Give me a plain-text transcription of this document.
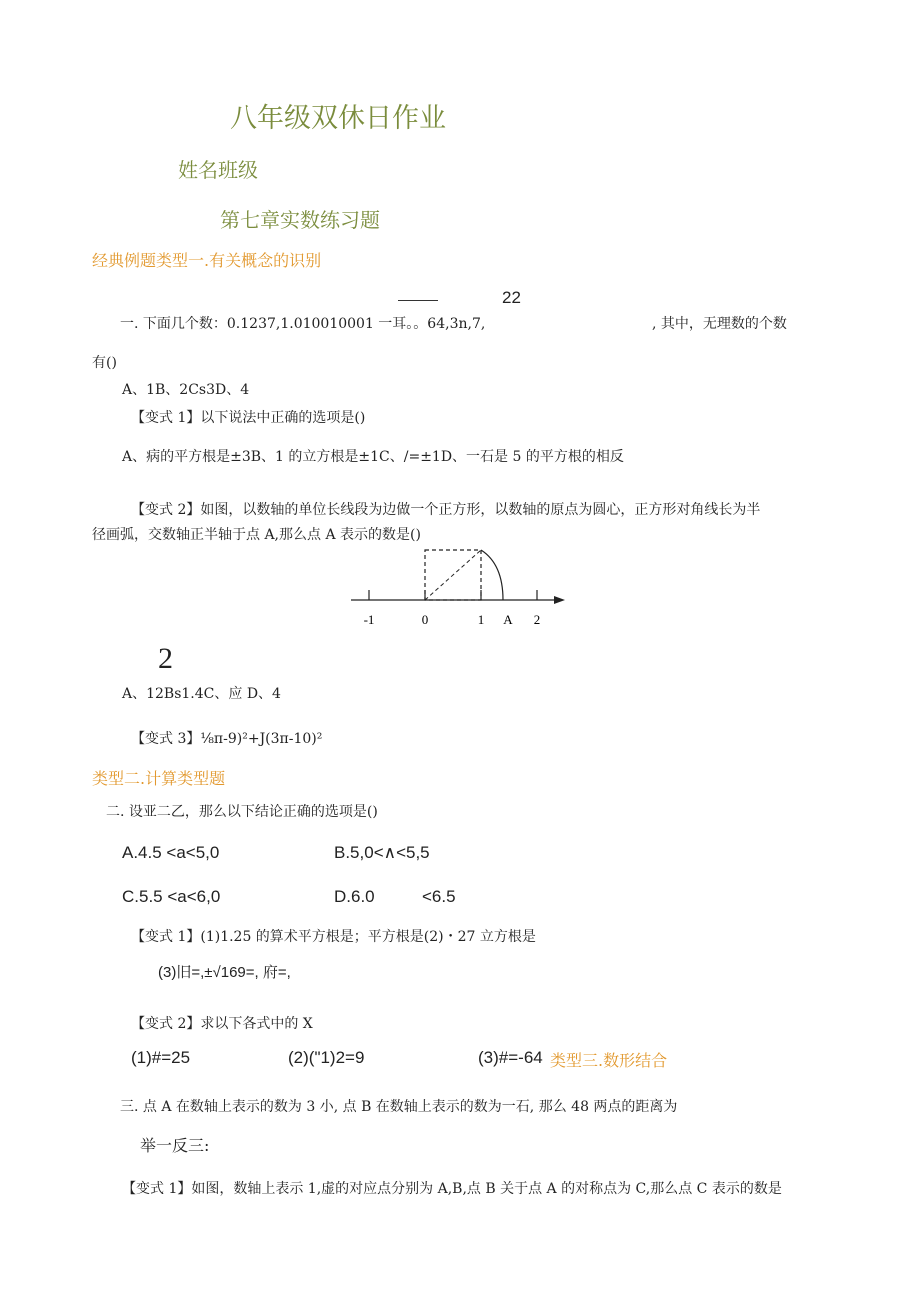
八年级双休日作业
姓名班级
第七章实数练习题
经典例题类型一.有关概念的识别
22
一. 下面几个数：0.1237,1.010010001 一耳。。64,3n,7,	, 其中，无理数的个数
有()
A、1B、2Cs3D、4
【变式 1】以下说法中正确的选项是()
A、病的平方根是±3B、1 的立方根是±1C、/=±1D、一石是 5 的平方根的相反
【变式 2】如图，以数轴的单位长线段为边做一个正方形，以数轴的原点为圆心，正方形对角线长为半
径画弧，交数轴正半轴于点 A,那么点 A 表示的数是()
-1	0	1 A 2
2
A、12Bs1.4C、应 D、4
【变式 3】⅛π-9)²+J(3π-10)²
类型二.计算类型题
二. 设亚二乙，那么以下结论正确的选项是()
A.4.5 <a<5,0	B.5,0<∧<5,5
C.5.5 <a<6,0	D.6.0	<6.5
【变式 1】(1)1.25 的算术平方根是；平方根是(2)・27 立方根是
(3)旧=,±√169=, 府=,
【变式 2】求以下各式中的 X
(1)#=25	(2)("1)2=9	(3)#=-64 类型三.数形结合
三. 点 A 在数轴上表示的数为 3 小, 点 B 在数轴上表示的数为一石, 那么 48 两点的距离为
举一反三:
【变式 1】如图，数轴上表示 1,虚的对应点分别为 A,B,点 B 关于点 A 的对称点为 C,那么点 C 表示的数是
